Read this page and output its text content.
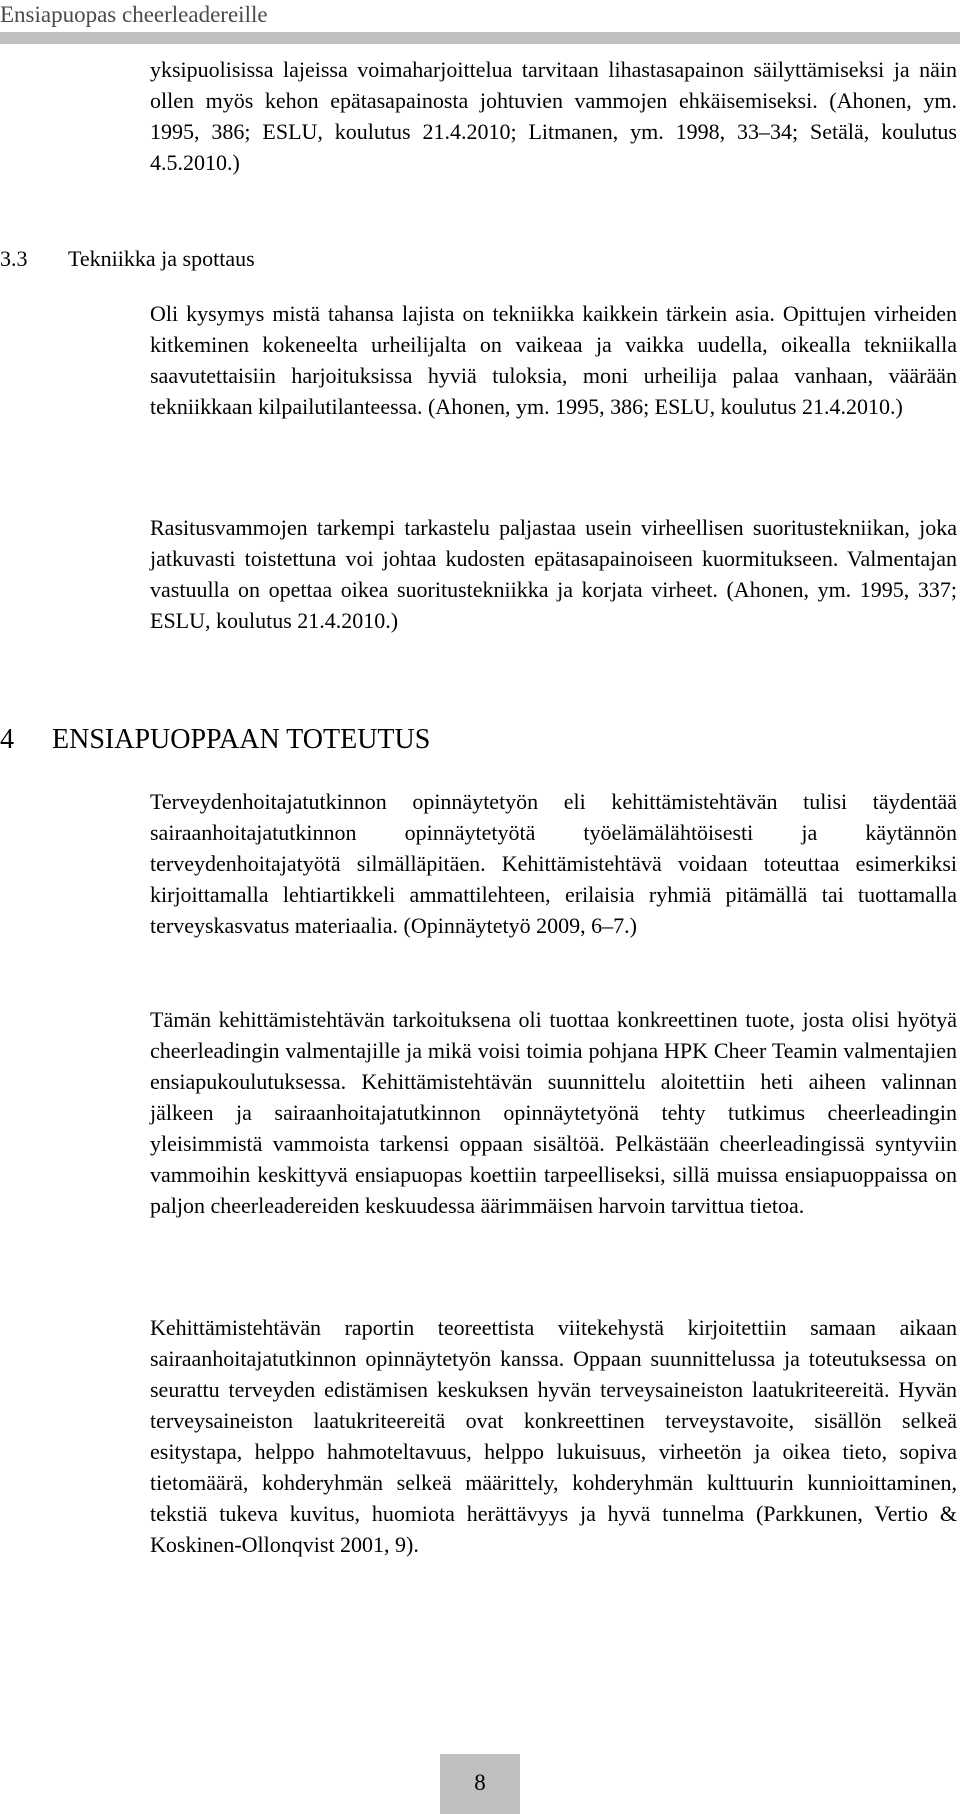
Ensiapuopas cheerleadereille

yksipuolisissa lajeissa voimaharjoittelua tarvitaan lihastasapainon säilyttämiseksi ja näin ollen myös kehon epätasapainosta johtuvien vammojen ehkäisemiseksi. (Ahonen, ym. 1995, 386; ESLU, koulutus 21.4.2010; Litmanen, ym. 1998, 33–34; Setälä, koulutus 4.5.2010.)

3.3 Tekniikka ja spottaus

Oli kysymys mistä tahansa lajista on tekniikka kaikkein tärkein asia. Opittujen virheiden kitkeminen kokeneelta urheilijalta on vaikeaa ja vaikka uudella, oikealla tekniikalla saavutettaisiin harjoituksissa hyviä tuloksia, moni urheilija palaa vanhaan, väärään tekniikkaan kilpailutilanteessa. (Ahonen, ym. 1995, 386; ESLU, koulutus 21.4.2010.)

Rasitusvammojen tarkempi tarkastelu paljastaa usein virheellisen suoritustekniikan, joka jatkuvasti toistettuna voi johtaa kudosten epätasapainoiseen kuormitukseen. Valmentajan vastuulla on opettaa oikea suoritustekniikka ja korjata virheet. (Ahonen, ym. 1995, 337; ESLU, koulutus 21.4.2010.)

4 ENSIAPUOPPAAN TOTEUTUS

Terveydenhoitajatutkinnon opinnäytetyön eli kehittämistehtävän tulisi täydentää sairaanhoitajatutkinnon opinnäytetyötä työelämälähtöisesti ja käytännön terveydenhoitajatyötä silmälläpitäen. Kehittämistehtävä voidaan toteuttaa esimerkiksi kirjoittamalla lehtiartikkeli ammattilehteen, erilaisia ryhmiä pitämällä tai tuottamalla terveyskasvatus materiaalia. (Opinnäytetyö 2009, 6–7.)

Tämän kehittämistehtävän tarkoituksena oli tuottaa konkreettinen tuote, josta olisi hyötyä cheerleadingin valmentajille ja mikä voisi toimia pohjana HPK Cheer Teamin valmentajien ensiapukoulutuksessa. Kehittämistehtävän suunnittelu aloitettiin heti aiheen valinnan jälkeen ja sairaanhoitajatutkinnon opinnäytetyönä tehty tutkimus cheerleadingin yleisimmistä vammoista tarkensi oppaan sisältöä. Pelkästään cheerleadingissä syntyviin vammoihin keskittyvä ensiapuopas koettiin tarpeelliseksi, sillä muissa ensiapuoppaissa on paljon cheerleadereiden keskuudessa äärimmäisen harvoin tarvittua tietoa.

Kehittämistehtävän raportin teoreettista viitekehystä kirjoitettiin samaan aikaan sairaanhoitajatutkinnon opinnäytetyön kanssa. Oppaan suunnittelussa ja toteutuksessa on seurattu terveyden edistämisen keskuksen hyvän terveysaineiston laatukriteereitä. Hyvän terveysaineiston laatukriteereitä ovat konkreettinen terveystavoite, sisällön selkeä esitystapa, helppo hahmoteltavuus, helppo lukuisuus, virheetön ja oikea tieto, sopiva tietomäärä, kohderyhmän selkeä määrittely, kohderyhmän kulttuurin kunnioittaminen, tekstiä tukeva kuvitus, huomiota herättävyys ja hyvä tunnelma (Parkkunen, Vertio & Koskinen-Ollonqvist 2001, 9).

8
